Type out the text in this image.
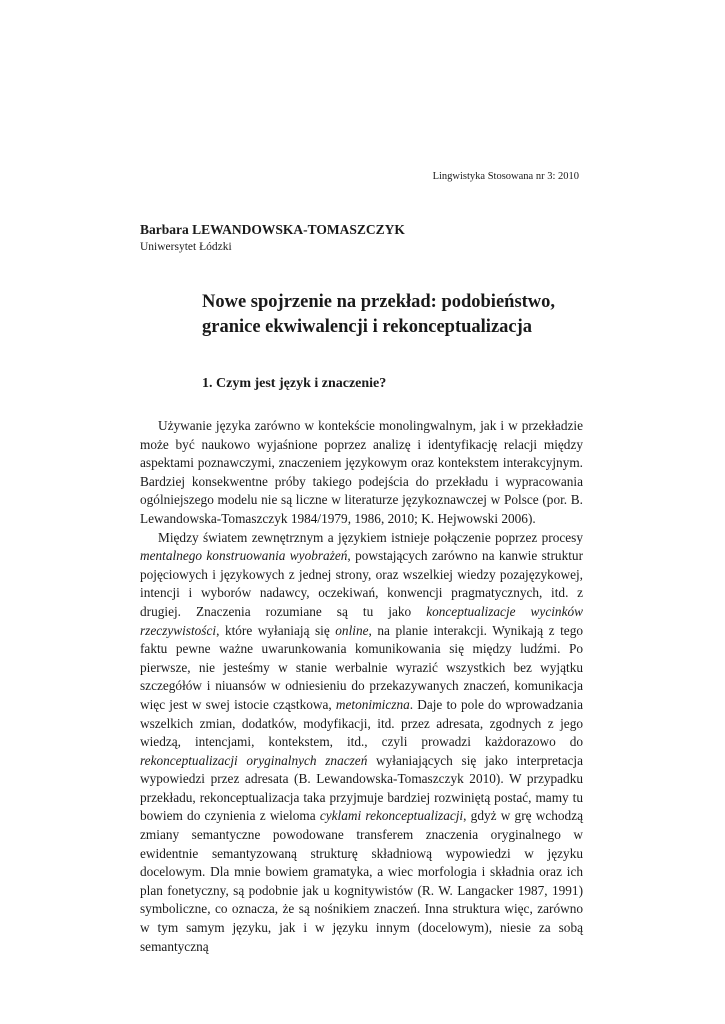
Lingwistyka Stosowana nr 3: 2010
Barbara LEWANDOWSKA-TOMASZCZYK
Uniwersytet Łódzki
Nowe spojrzenie na przekład: podobieństwo,
granice ekwiwalencji i rekonceptualizacja
1. Czym jest język i znaczenie?

Używanie języka zarówno w kontekście monolingwalnym, jak i w przekładzie może być naukowo wyjaśnione poprzez analizę i identyfikację relacji między aspektami poznawczymi, znaczeniem językowym oraz kontekstem interakcyjnym. Bardziej konsekwentne próby takiego podejścia do przekładu i wypracowania ogólniejszego modelu nie są liczne w literaturze językoznawczej w Polsce (por. B. Lewandowska-Tomaszczyk 1984/1979, 1986, 2010; K. Hejwowski 2006).

Między światem zewnętrznym a językiem istnieje połączenie poprzez procesy mentalnego konstruowania wyobrażeń, powstających zarówno na kanwie struktur pojęciowych i językowych z jednej strony, oraz wszelkiej wiedzy pozajęzykowej, intencji i wyborów nadawcy, oczekiwań, konwencji pragmatycznych, itd. z drugiej. Znaczenia rozumiane są tu jako konceptualizacje wycinków rzeczywistości, które wyłaniają się online, na planie interakcji. Wynikają z tego faktu pewne ważne uwarunkowania komunikowania się między ludźmi. Po pierwsze, nie jesteśmy w stanie werbalnie wyrazić wszystkich bez wyjątku szczegółów i niuansów w odniesieniu do przekazywanych znaczeń, komunikacja więc jest w swej istocie cząstkowa, metonimiczna. Daje to pole do wprowadzania wszelkich zmian, dodatków, modyfikacji, itd. przez adresata, zgodnych z jego wiedzą, intencjami, kontekstem, itd., czyli prowadzi każdorazowo do rekonceptualizacji oryginalnych znaczeń wyłaniających się jako interpretacja wypowiedzi przez adresata (B. Lewandowska-Tomaszczyk 2010). W przypadku przekładu, rekonceptualizacja taka przyjmuje bardziej rozwiniętą postać, mamy tu bowiem do czynienia z wieloma cyklami rekonceptualizacji, gdyż w grę wchodzą zmiany semantyczne powodowane transferem znaczenia oryginalnego w ewidentnie semantyzowaną strukturę składniową wypowiedzi w języku docelowym. Dla mnie bowiem gramatyka, a wiec morfologia i składnia oraz ich plan fonetyczny, są podobnie jak u kognitywistów (R. W. Langacker 1987, 1991) symboliczne, co oznacza, że są nośnikiem znaczeń. Inna struktura więc, zarówno w tym samym języku, jak i w języku innym (docelowym), niesie za sobą semantyczną
